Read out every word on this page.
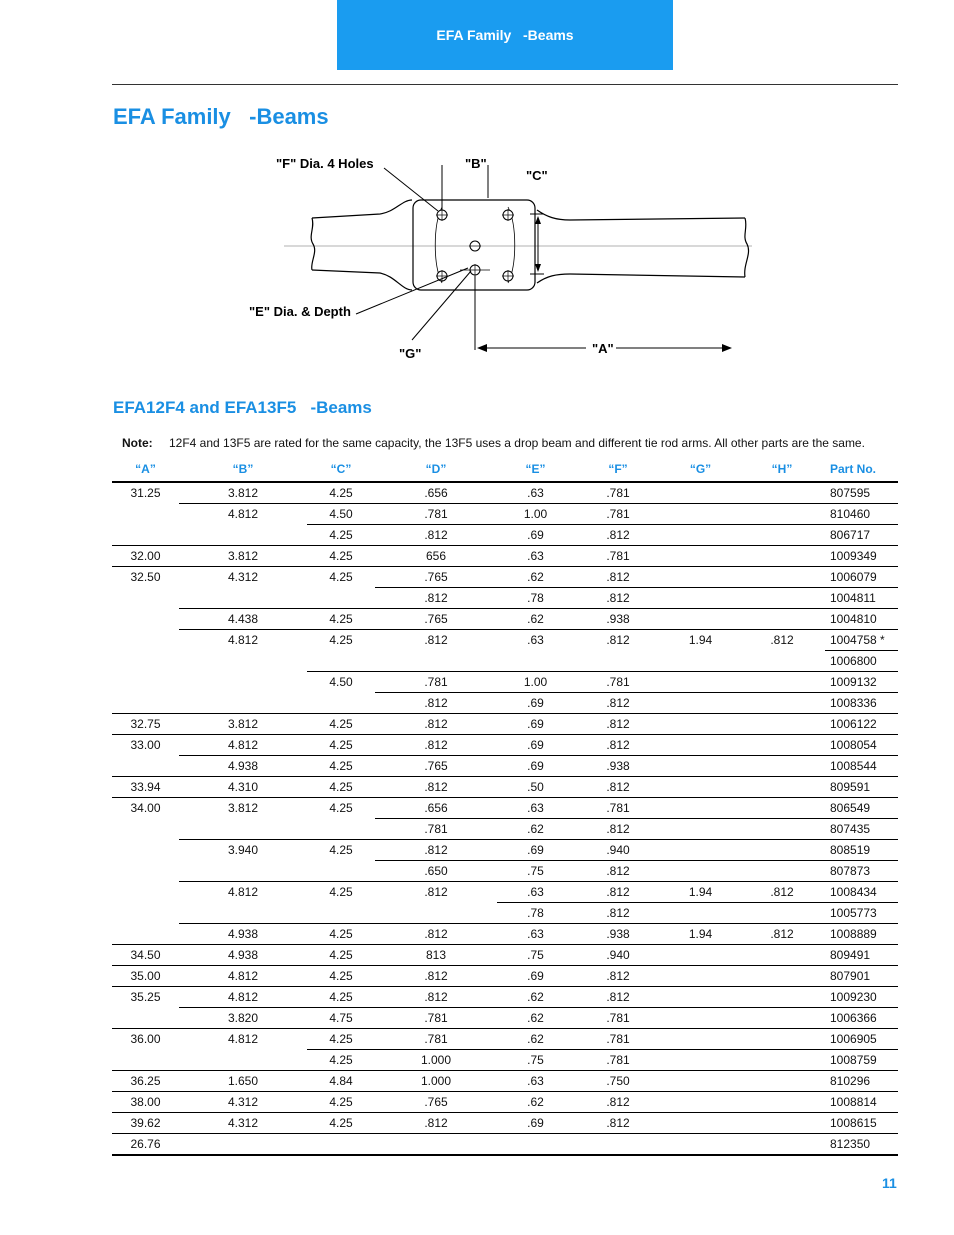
EFA Family   -Beams
EFA Family   -Beams
"F" Dia. 4 Holes	"B"
"C"
"E" Dia. & Depth
"G"	"A"
EFA12F4 and EFA13F5   -Beams
Note: 12F4 and 13F5 are rated for the same capacity, the 13F5 uses a drop beam and different tie rod arms. All other parts are the same.
“A”	“B”	“C”	“D”	“E”	“F”	“G”	“H”	Part No.
31.25	3.812	4.25	.656	.63	.781			807595
	4.812	4.50	.781	1.00	.781			810460
		4.25	.812	.69	.812			806717
32.00	3.812	4.25	656	.63	.781			1009349
32.50	4.312	4.25	.765	.62	.812			1006079
			.812	.78	.812			1004811
	4.438	4.25	.765	.62	.938			1004810
	4.812	4.25	.812	.63	.812	1.94	.812	1004758 *
								1006800
		4.50	.781	1.00	.781			1009132
			.812	.69	.812			1008336
32.75	3.812	4.25	.812	.69	.812			1006122
33.00	4.812	4.25	.812	.69	.812			1008054
	4.938	4.25	.765	.69	.938			1008544
33.94	4.310	4.25	.812	.50	.812			809591
34.00	3.812	4.25	.656	.63	.781			806549
			.781	.62	.812			807435
	3.940	4.25	.812	.69	.940			808519
			.650	.75	.812			807873
	4.812	4.25	.812	.63	.812	1.94	.812	1008434
				.78	.812			1005773
	4.938	4.25	.812	.63	.938	1.94	.812	1008889
34.50	4.938	4.25	813	.75	.940			809491
35.00	4.812	4.25	.812	.69	.812			807901
35.25	4.812	4.25	.812	.62	.812			1009230
	3.820	4.75	.781	.62	.781			1006366
36.00	4.812	4.25	.781	.62	.781			1006905
		4.25	1.000	.75	.781			1008759
36.25	1.650	4.84	1.000	.63	.750			810296
38.00	4.312	4.25	.765	.62	.812			1008814
39.62	4.312	4.25	.812	.69	.812			1008615
26.76								812350
11
